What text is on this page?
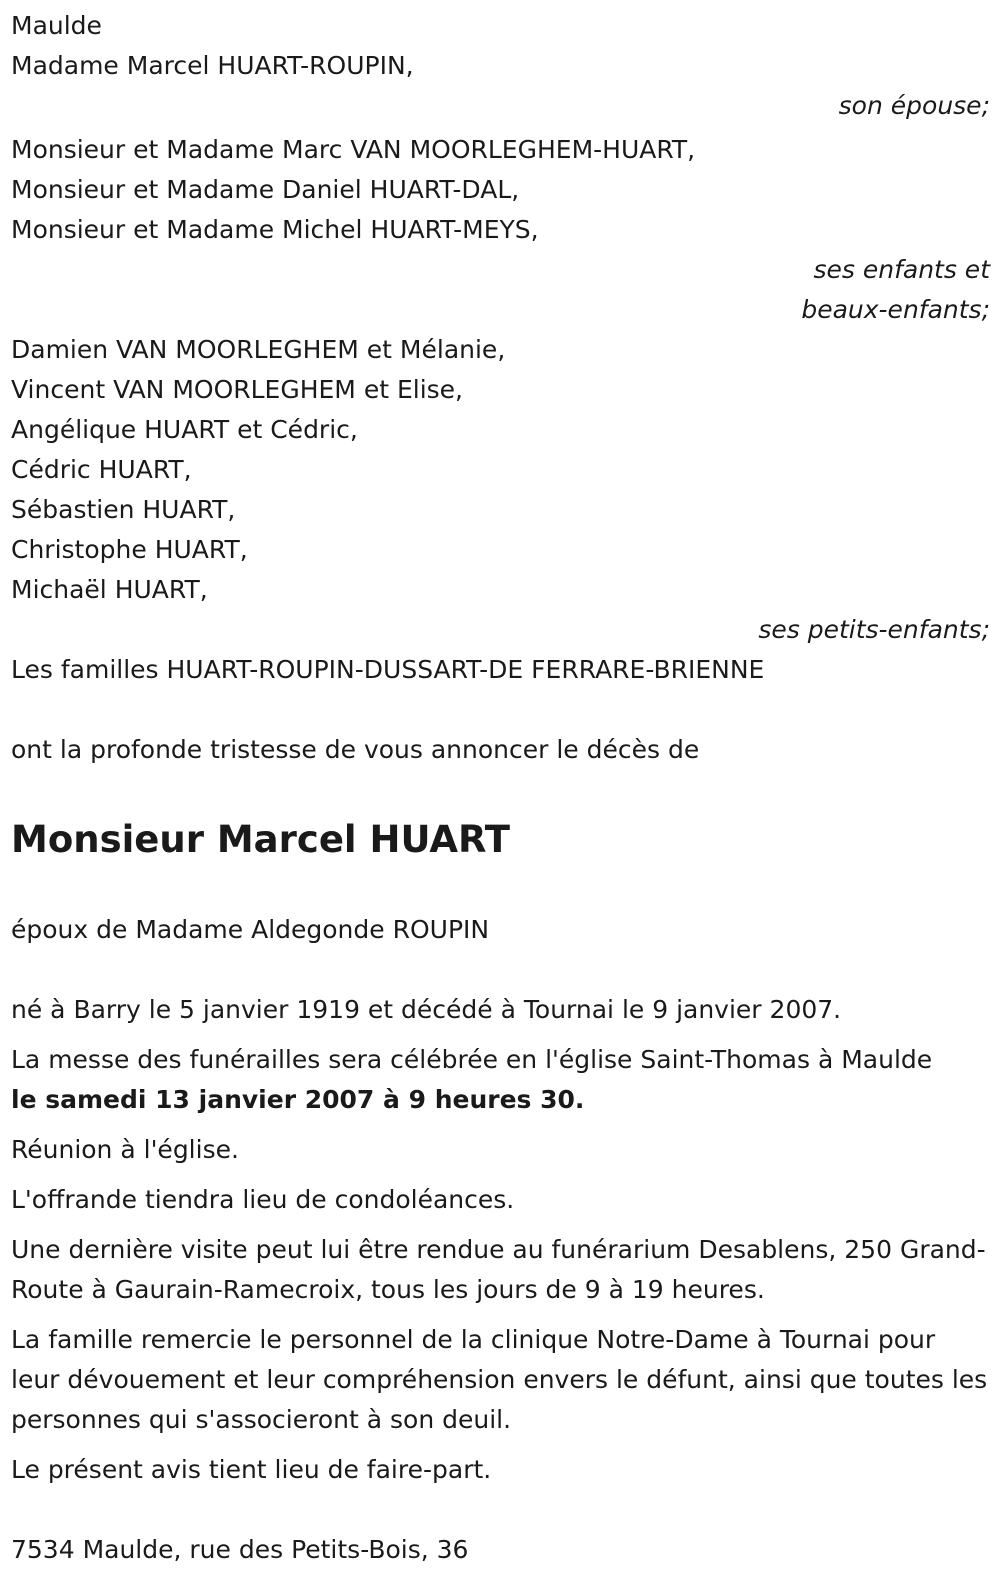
Maulde
Madame Marcel HUART-ROUPIN,
son épouse;
Monsieur et Madame Marc VAN MOORLEGHEM-HUART,
Monsieur et Madame Daniel HUART-DAL,
Monsieur et Madame Michel HUART-MEYS,
ses enfants et
beaux-enfants;
Damien VAN MOORLEGHEM et Mélanie,
Vincent VAN MOORLEGHEM et Elise,
Angélique HUART et Cédric,
Cédric HUART,
Sébastien HUART,
Christophe HUART,
Michaël HUART,
ses petits-enfants;
Les familles HUART-ROUPIN-DUSSART-DE FERRARE-BRIENNE
ont la profonde tristesse de vous annoncer le décès de
Monsieur Marcel HUART
époux de Madame Aldegonde ROUPIN
né à Barry le 5 janvier 1919 et décédé à Tournai le 9 janvier 2007.
La messe des funérailles sera célébrée en l'église Saint-Thomas à Maulde
le samedi 13 janvier 2007 à 9 heures 30.
Réunion à l'église.
L'offrande tiendra lieu de condoléances.
Une dernière visite peut lui être rendue au funérarium Desablens, 250 Grand-Route à Gaurain-Ramecroix, tous les jours de 9 à 19 heures.
La famille remercie le personnel de la clinique Notre-Dame à Tournai pour leur dévouement et leur compréhension envers le défunt, ainsi que toutes les personnes qui s'associeront à son deuil.
Le présent avis tient lieu de faire-part.
7534 Maulde, rue des Petits-Bois, 36
